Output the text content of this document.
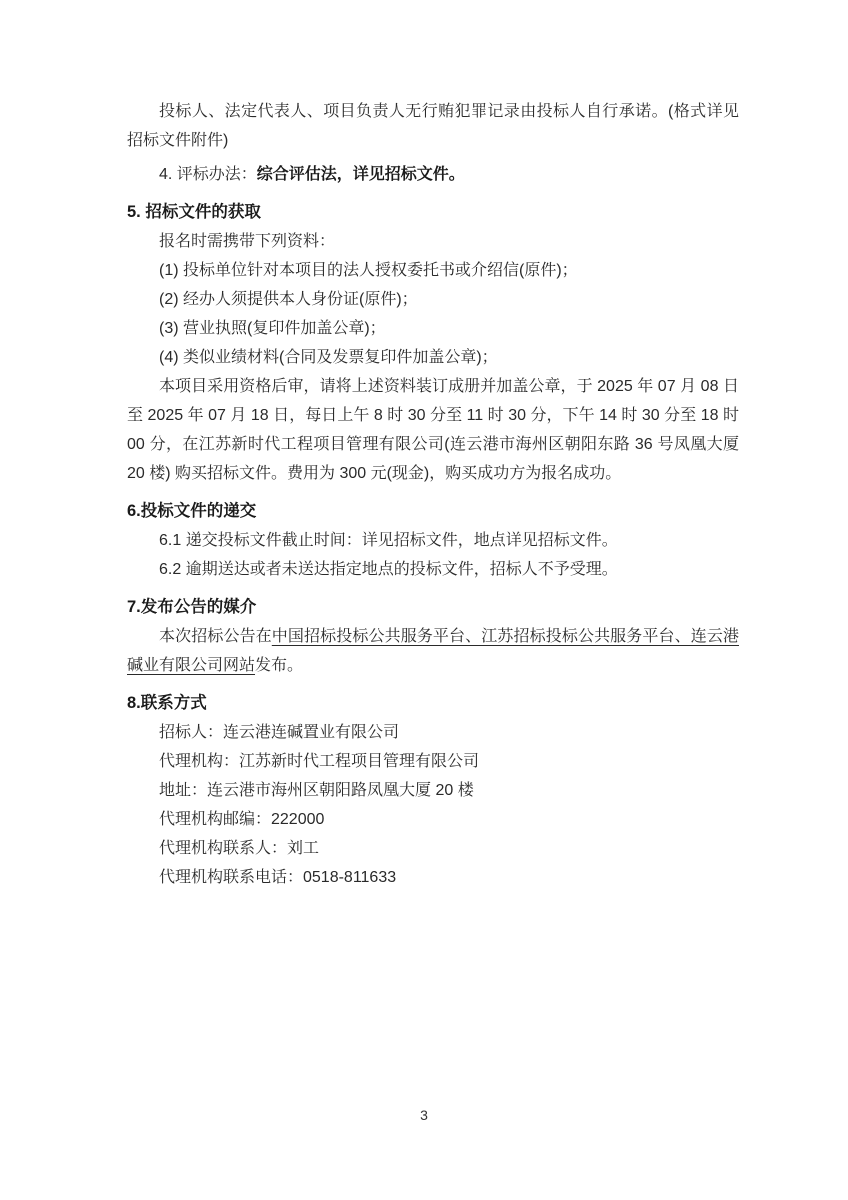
投标人、法定代表人、项目负责人无行贿犯罪记录由投标人自行承诺。(格式详见招标文件附件)

4. 评标办法：综合评估法，详见招标文件。

5. 招标文件的获取

报名时需携带下列资料：

(1) 投标单位针对本项目的法人授权委托书或介绍信(原件)；

(2) 经办人须提供本人身份证(原件)；

(3) 营业执照(复印件加盖公章)；

(4) 类似业绩材料(合同及发票复印件加盖公章)；

本项目采用资格后审，请将上述资料装订成册并加盖公章，于 2025 年 07 月 08 日至 2025 年 07 月 18 日，每日上午 8 时 30 分至 11 时 30 分，下午 14 时 30 分至 18 时 00 分，在江苏新时代工程项目管理有限公司(连云港市海州区朝阳东路 36 号凤凰大厦 20 楼) 购买招标文件。费用为 300 元(现金)，购买成功方为报名成功。

6.投标文件的递交

6.1 递交投标文件截止时间：详见招标文件，地点详见招标文件。

6.2 逾期送达或者未送达指定地点的投标文件，招标人不予受理。

7.发布公告的媒介

本次招标公告在中国招标投标公共服务平台、江苏招标投标公共服务平台、连云港碱业有限公司网站发布。

8.联系方式

招标人：连云港连碱置业有限公司

代理机构：江苏新时代工程项目管理有限公司

地址：连云港市海州区朝阳路凤凰大厦 20 楼

代理机构邮编：222000

代理机构联系人：刘工

代理机构联系电话：0518-811633

3
